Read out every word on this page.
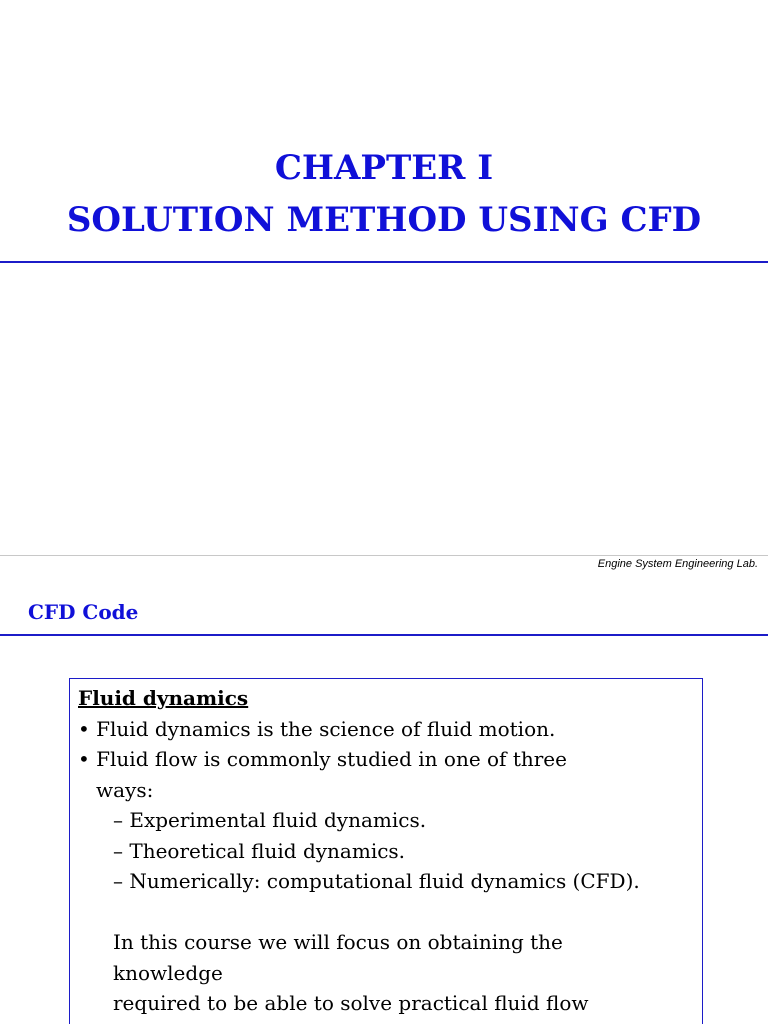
CHAPTER I
SOLUTION METHOD USING CFD
Engine System Engineering Lab.
CFD Code
Fluid dynamics
• Fluid dynamics is the science of fluid motion.
• Fluid flow is commonly studied in one of three
ways:
– Experimental fluid dynamics.
– Theoretical fluid dynamics.
– Numerically: computational fluid dynamics (CFD).
In this course we will focus on obtaining the
knowledge
required to be able to solve practical fluid flow
